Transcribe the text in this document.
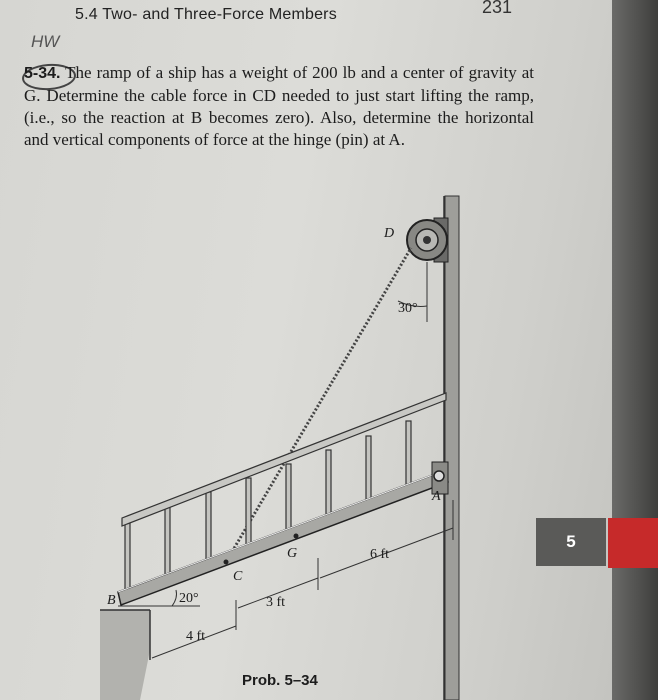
5.4 Two- and Three-Force Members	231
HW
5-34. The ramp of a ship has a weight of 200 lb and a center of gravity at G. Determine the cable force in CD needed to just start lifting the ramp, (i.e., so the reaction at B becomes zero). Also, determine the horizontal and vertical components of force at the hinge (pin) at A.
D
30°
A
B
C
G
20°
6 ft
3 ft
4 ft
5
Prob. 5–34
